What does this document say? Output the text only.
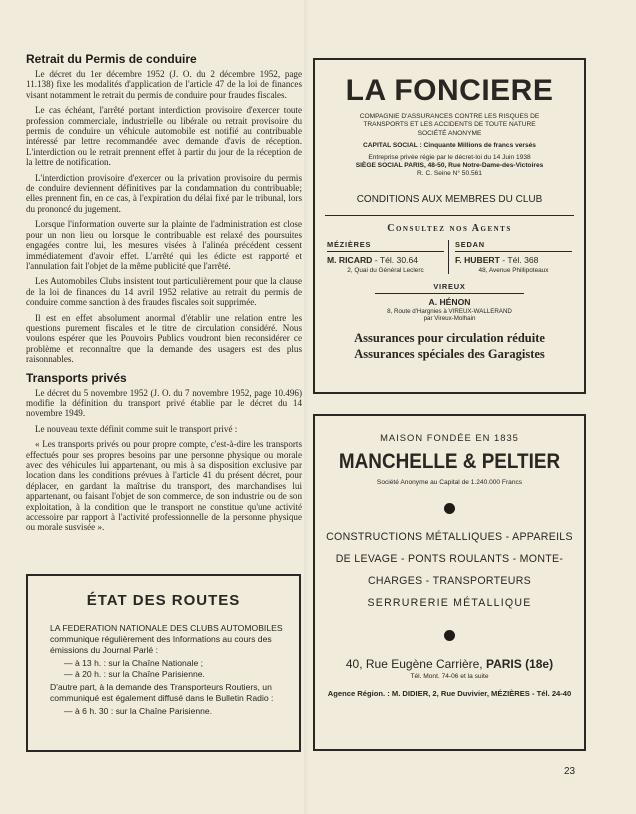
Retrait du Permis de conduire

Le décret du 1er décembre 1952 (J. O. du 2 décembre 1952, page 11.138) fixe les modalités d'application de l'article 47 de la loi de finances visant notamment le retrait du permis de conduire pour fraudes fiscales.

Le cas échéant, l'arrêté portant interdiction provisoire d'exercer toute profession commerciale, industrielle ou libérale ou retrait provisoire du permis de conduire un véhicule automobile est notifié au contribuable intéressé par lettre recommandée avec demande d'avis de réception. L'interdiction ou le retrait prennent effet à partir du jour de la réception de la lettre de notification.

L'interdiction provisoire d'exercer ou la privation provisoire du permis de conduire deviennent définitives par la condamnation du contribuable; elles prennent fin, en ce cas, à l'expiration du délai fixé par le tribunal, lors du prononcé du jugement.

Lorsque l'information ouverte sur la plainte de l'administration est close pour un non lieu ou lorsque le contribuable est relaxé des poursuites engagées contre lui, les mesures visées à l'alinéa précédent cessent immédiatement d'avoir effet. L'arrêté qui les édicte est rapporté et l'annulation fait l'objet de la même publicité que l'arrêté.

Les Automobiles Clubs insistent tout particulièrement pour que la clause de la loi de finances du 14 avril 1952 relative au retrait du permis de conduire comme sanction à des fraudes fiscales soit supprimée.

Il est en effet absolument anormal d'établir une relation entre les questions purement fiscales et le titre de circulation considéré. Nous voulons espérer que les Pouvoirs Publics voudront bien reconsidérer ce problème et reconnaître que la demande des usagers est des plus raisonnables.

Transports privés

Le décret du 5 novembre 1952 (J. O. du 7 novembre 1952, page 10.496) modifie la définition du transport privé établie par le décret du 14 novembre 1949.

Le nouveau texte définit comme suit le transport privé :

« Les transports privés ou pour propre compte, c'est-à-dire les transports effectués pour ses propres besoins par une personne physique ou morale avec des véhicules lui appartenant, ou mis à sa disposition exclusive par location dans les conditions prévues à l'article 41 du présent décret, pour déplacer, en gardant la maîtrise du transport, des marchandises lui appartenant, ou faisant l'objet de son commerce, de son industrie ou de son exploitation, à la condition que le transport ne constitue qu'une activité accessoire par rapport à l'activité professionnelle de la personne physique ou morale susvisée ».

ÉTAT DES ROUTES
LA FEDERATION NATIONALE DES CLUBS AUTOMOBILES communique régulièrement des Informations au cours des émissions du Journal Parlé :
— à 13 h. : sur la Chaîne Nationale ;
— à 20 h. : sur la Chaîne Parisienne.
D'autre part, à la demande des Transporteurs Routiers, un communiqué est également diffusé dans le Bulletin Radio :
— à 6 h. 30 : sur la Chaîne Parisienne.
LA FONCIERE
COMPAGNIE D'ASSURANCES CONTRE LES RISQUES DE TRANSPORTS ET LES ACCIDENTS DE TOUTE NATURE
SOCIÉTÉ ANONYME
CAPITAL SOCIAL : Cinquante Millions de francs versés
Entreprise privée régie par le décret-loi du 14 Juin 1938
SIÈGE SOCIAL PARIS, 48-50, Rue Notre-Dame-des-Victoires
R. C. Seine N° 50.561
CONDITIONS AUX MEMBRES DU CLUB
Consultez nos Agents
MÉZIÈRES
M. RICARD - Tél. 30.64
2, Quai du Général Leclerc
SEDAN
F. HUBERT - Tél. 368
48, Avenue Phillipoteaux
VIREUX
A. HÉNON
8, Route d'Hargnies à VIREUX-WALLERAND
par Vireux-Molhain
Assurances pour circulation réduite
Assurances spéciales des Garagistes
MAISON FONDÉE EN 1835
MANCHELLE & PELTIER
Société Anonyme au Capital de 1.240.000 Francs
CONSTRUCTIONS MÉTALLIQUES - APPAREILS
DE LEVAGE - PONTS ROULANTS - MONTE-
CHARGES - TRANSPORTEURS
SERRURERIE MÉTALLIQUE
40, Rue Eugène Carrière, PARIS (18e)
Tél. Mont. 74-06 et la suite
Agence Région. : M. DIDIER, 2, Rue Duvivier, MÉZIÈRES - Tél. 24-40
23
